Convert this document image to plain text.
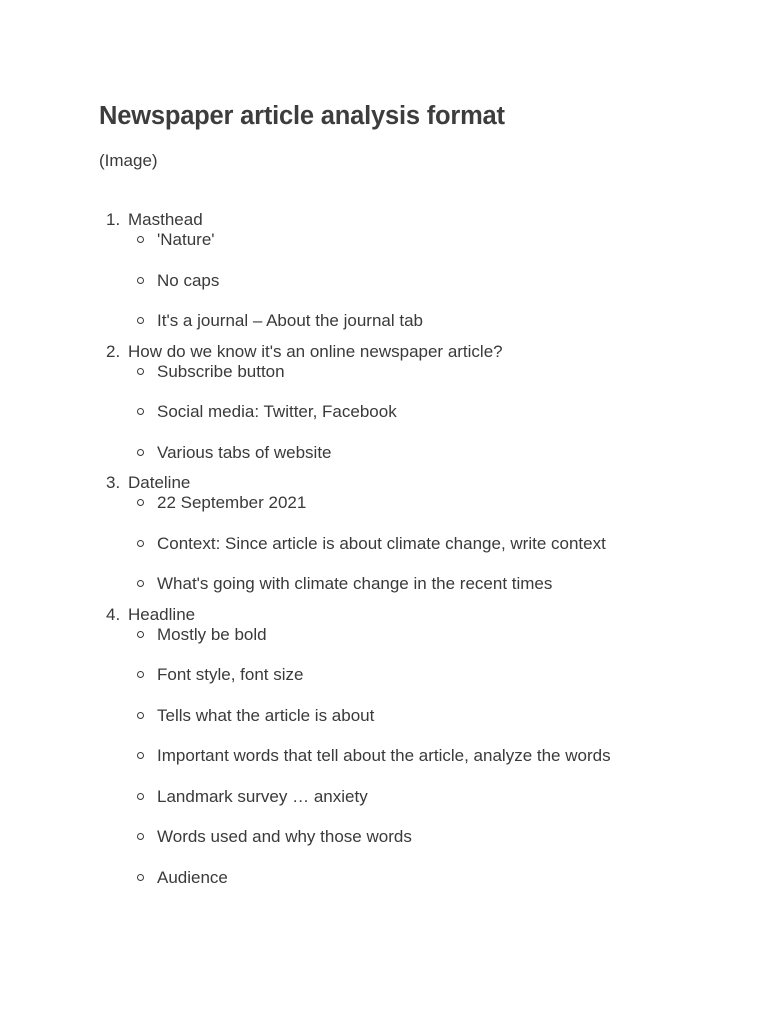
Newspaper article analysis format
(Image)
1. Masthead
'Nature'
No caps
It's a journal – About the journal tab
2. How do we know it's an online newspaper article?
Subscribe button
Social media: Twitter, Facebook
Various tabs of website
3. Dateline
22 September 2021
Context: Since article is about climate change, write context
What's going with climate change in the recent times
4. Headline
Mostly be bold
Font style, font size
Tells what the article is about
Important words that tell about the article, analyze the words
Landmark survey … anxiety
Words used and why those words
Audience
